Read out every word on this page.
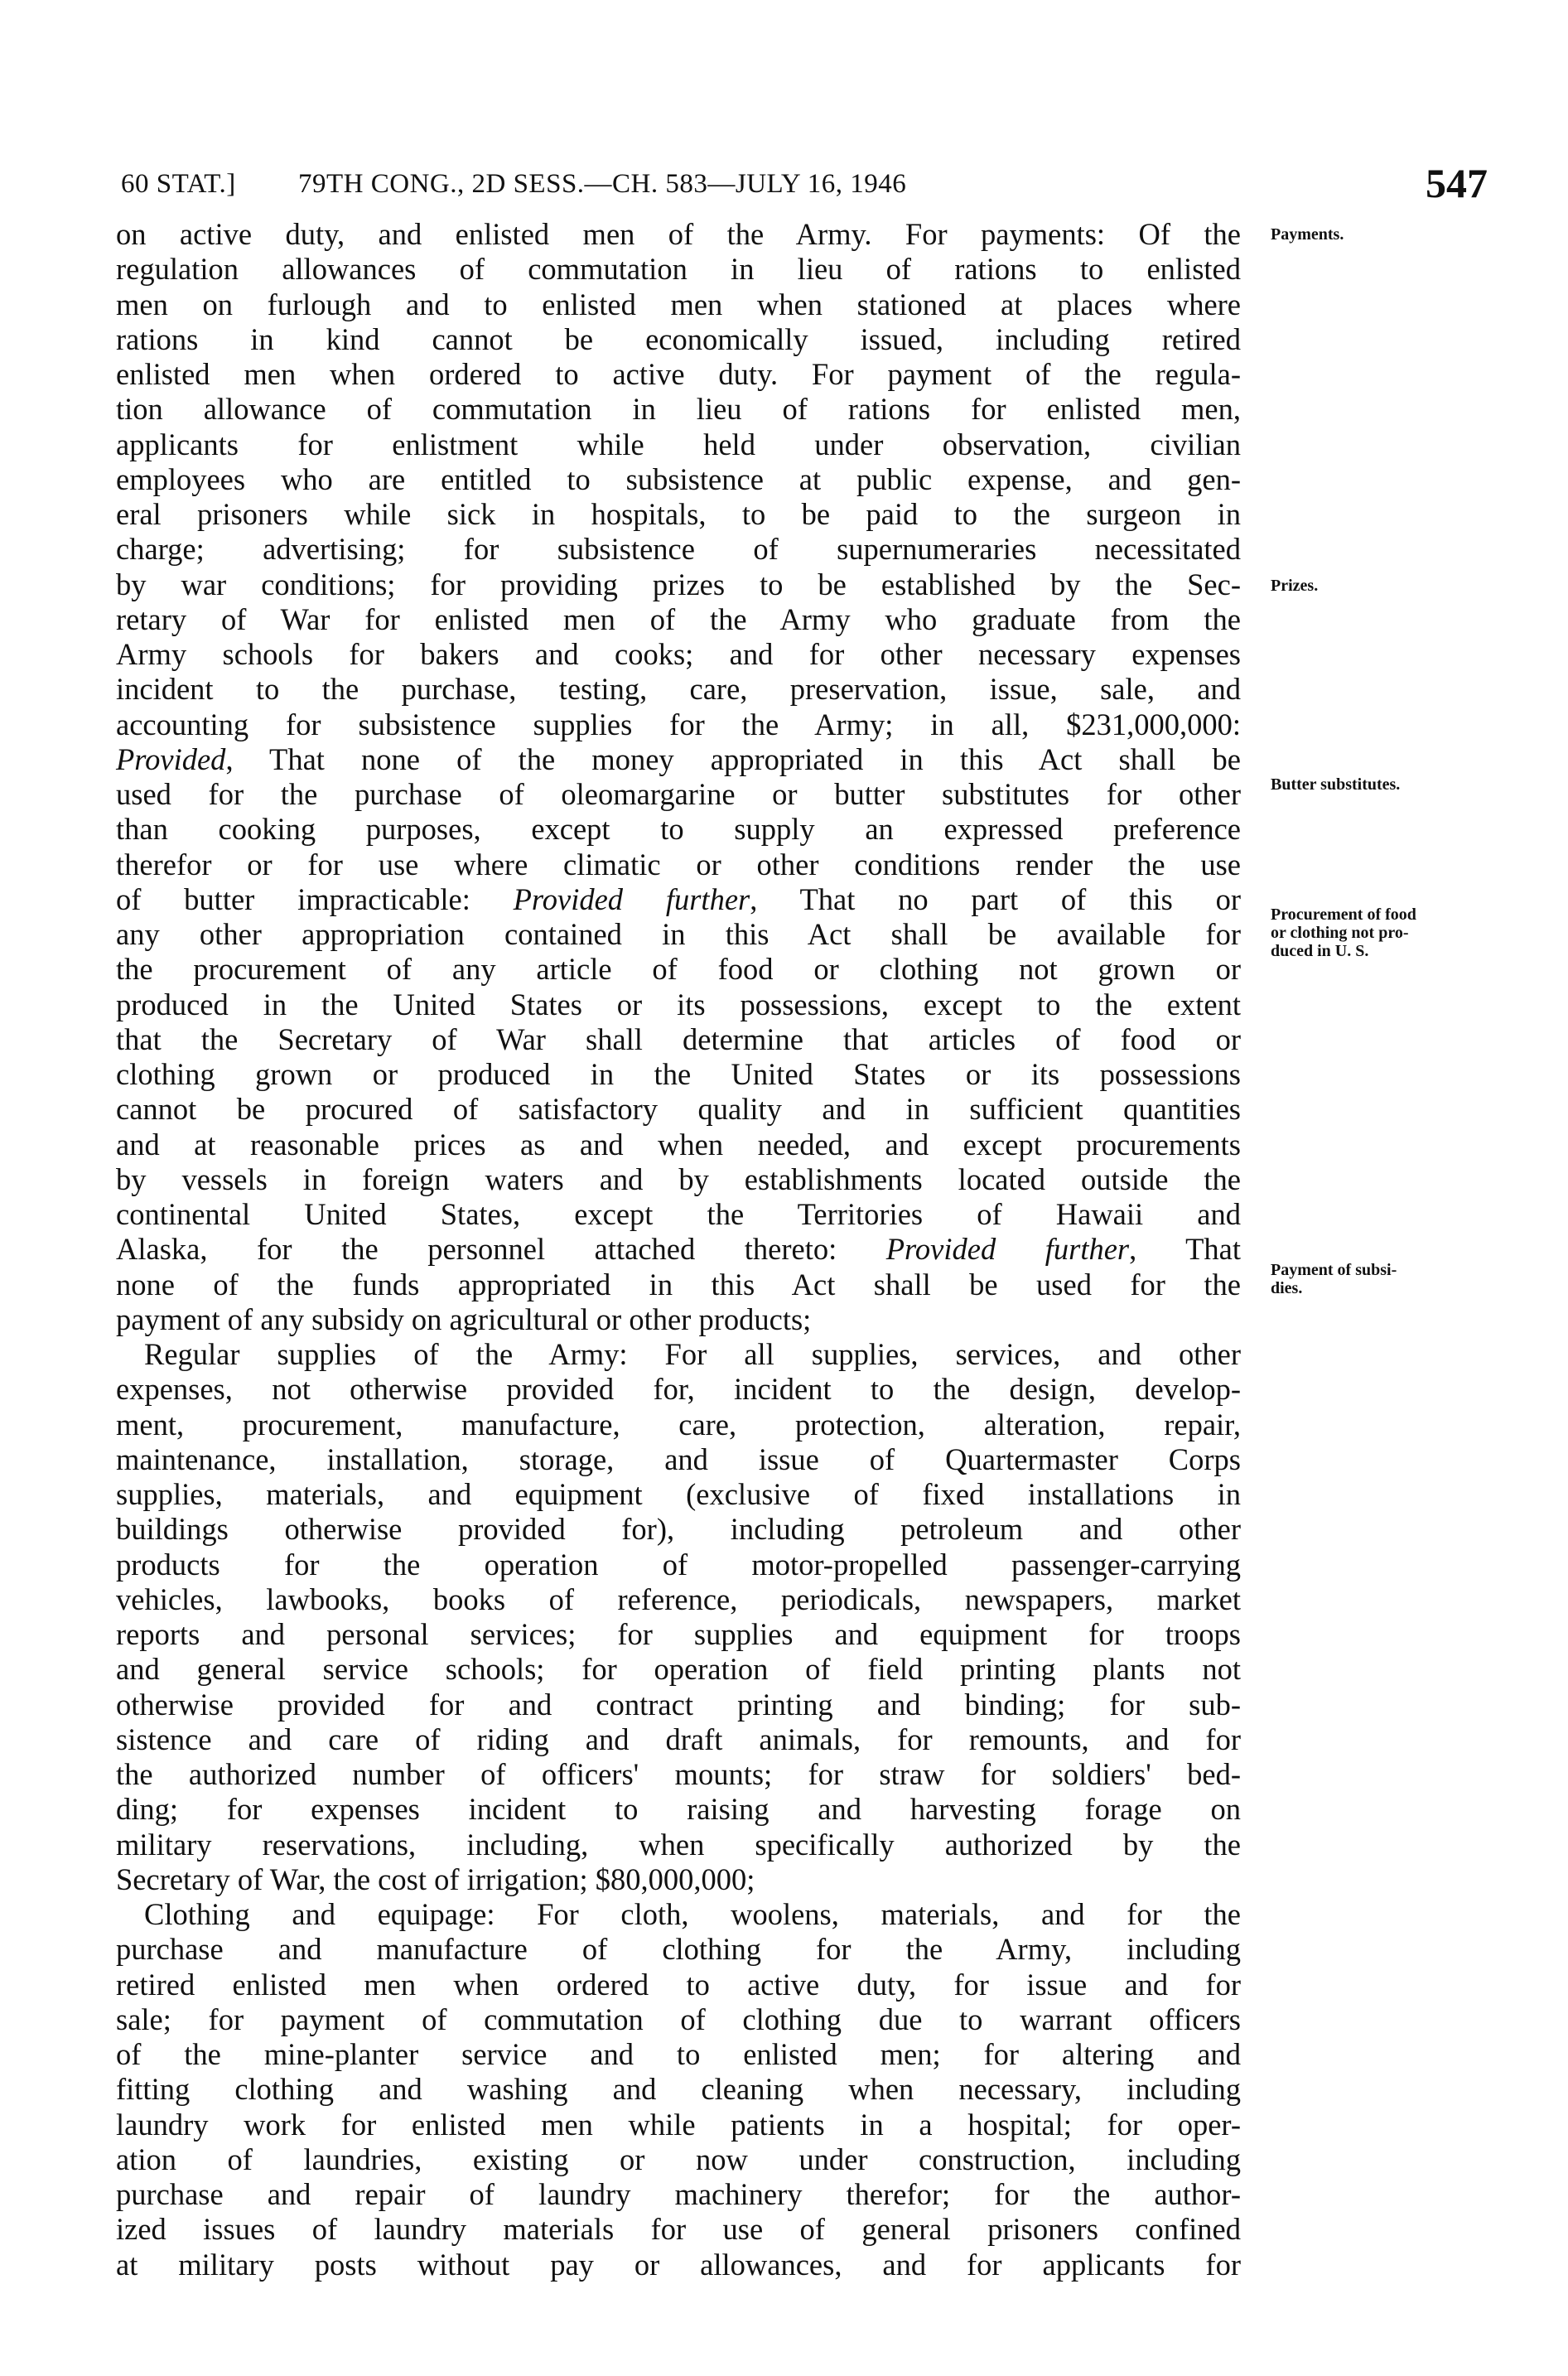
60 STAT.] 79TH CONG., 2D SESS.—CH. 583—JULY 16, 1946	547
on active duty, and enlisted men of the Army. For payments: Of the
regulation allowances of commutation in lieu of rations to enlisted
men on furlough and to enlisted men when stationed at places where
rations in kind cannot be economically issued, including retired
enlisted men when ordered to active duty. For payment of the regula-
tion allowance of commutation in lieu of rations for enlisted men,
applicants for enlistment while held under observation, civilian
employees who are entitled to subsistence at public expense, and gen-
eral prisoners while sick in hospitals, to be paid to the surgeon in
charge; advertising; for subsistence of supernumeraries necessitated
by war conditions; for providing prizes to be established by the Sec-
retary of War for enlisted men of the Army who graduate from the
Army schools for bakers and cooks; and for other necessary expenses
incident to the purchase, testing, care, preservation, issue, sale, and
accounting for subsistence supplies for the Army; in all, $231,000,000:
Provided, That none of the money appropriated in this Act shall be
used for the purchase of oleomargarine or butter substitutes for other
than cooking purposes, except to supply an expressed preference
therefor or for use where climatic or other conditions render the use
of butter impracticable: Provided further, That no part of this or
any other appropriation contained in this Act shall be available for
the procurement of any article of food or clothing not grown or
produced in the United States or its possessions, except to the extent
that the Secretary of War shall determine that articles of food or
clothing grown or produced in the United States or its possessions
cannot be procured of satisfactory quality and in sufficient quantities
and at reasonable prices as and when needed, and except procurements
by vessels in foreign waters and by establishments located outside the
continental United States, except the Territories of Hawaii and
Alaska, for the personnel attached thereto: Provided further, That
none of the funds appropriated in this Act shall be used for the
payment of any subsidy on agricultural or other products;
Regular supplies of the Army: For all supplies, services, and other
expenses, not otherwise provided for, incident to the design, develop-
ment, procurement, manufacture, care, protection, alteration, repair,
maintenance, installation, storage, and issue of Quartermaster Corps
supplies, materials, and equipment (exclusive of fixed installations in
buildings otherwise provided for), including petroleum and other
products for the operation of motor-propelled passenger-carrying
vehicles, lawbooks, books of reference, periodicals, newspapers, market
reports and personal services; for supplies and equipment for troops
and general service schools; for operation of field printing plants not
otherwise provided for and contract printing and binding; for sub-
sistence and care of riding and draft animals, for remounts, and for
the authorized number of officers' mounts; for straw for soldiers' bed-
ding; for expenses incident to raising and harvesting forage on
military reservations, including, when specifically authorized by the
Secretary of War, the cost of irrigation; $80,000,000;
Clothing and equipage: For cloth, woolens, materials, and for the
purchase and manufacture of clothing for the Army, including
retired enlisted men when ordered to active duty, for issue and for
sale; for payment of commutation of clothing due to warrant officers
of the mine-planter service and to enlisted men; for altering and
fitting clothing and washing and cleaning when necessary, including
laundry work for enlisted men while patients in a hospital; for oper-
ation of laundries, existing or now under construction, including
purchase and repair of laundry machinery therefor; for the author-
ized issues of laundry materials for use of general prisoners confined
at military posts without pay or allowances, and for applicants for
Payments.
Prizes.
Butter substitutes.
Procurement of food
or clothing not pro-
duced in U. S.
Payment of subsi-
dies.
